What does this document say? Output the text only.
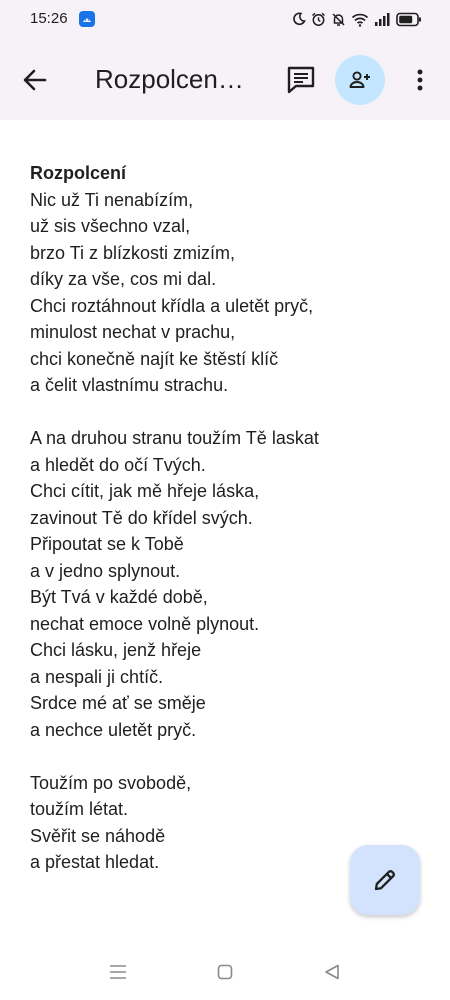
15:26
Rozpolcen…

Rozpolcení

Nic už Ti nenabízím,
už sis všechno vzal,
brzo Ti z blízkosti zmizím,
díky za vše, cos mi dal.
Chci roztáhnout křídla a uletět pryč,
minulost nechat v prachu,
chci konečně najít ke štěstí klíč
a čelit vlastnímu strachu.
A na druhou stranu toužím Tě laskat
a hledět do očí Tvých.
Chci cítit, jak mě hřeje láska,
zavinout Tě do křídel svých.
Připoutat se k Tobě
a v jedno splynout.
Být Tvá v každé době,
nechat emoce volně plynout.
Chci lásku, jenž hřeje
a nespali ji chtíč.
Srdce mé ať se směje
a nechce uletět pryč.
Toužím po svobodě,
toužím létat.
Svěřit se náhodě
a přestat hledat.
